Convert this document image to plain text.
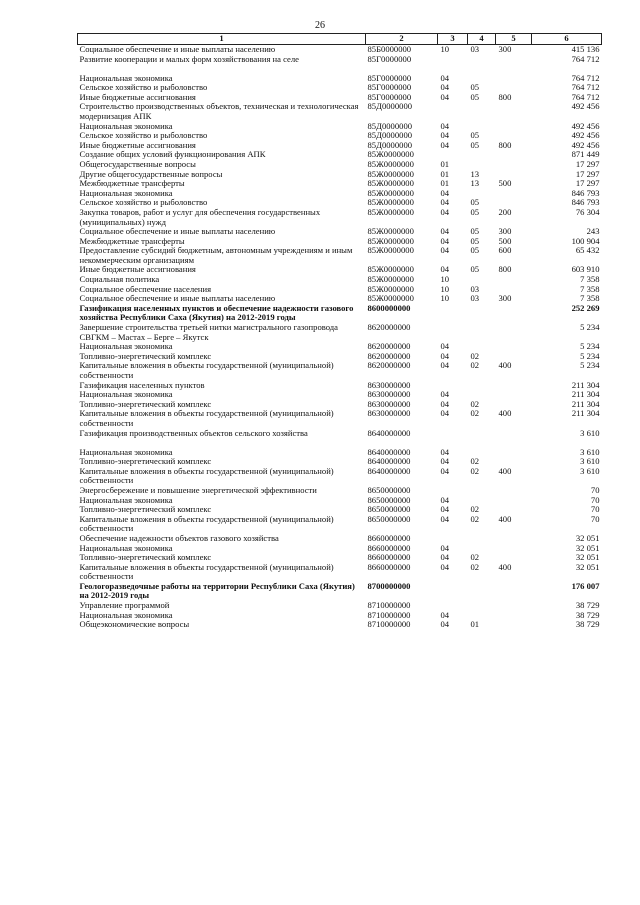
26
1	2	3	4	5	6
Социальное обеспечение и иные выплаты населению	85Б0000000	10	03	300	415 136
Развитие кооперации и малых форм хозяйствования на селе	85Г0000000				764 712
Национальная экономика	85Г0000000	04			764 712
Сельское хозяйство и рыболовство	85Г0000000	04	05		764 712
Иные бюджетные ассигнования	85Г0000000	04	05	800	764 712
Строительство производственных объектов, техническая и технологическая модернизация АПК	85Д0000000				492 456
Национальная экономика	85Д0000000	04			492 456
Сельское хозяйство и рыболовство	85Д0000000	04	05		492 456
Иные бюджетные ассигнования	85Д0000000	04	05	800	492 456
Создание общих условий функционирования АПК	85Ж0000000				871 449
Общегосударственные вопросы	85Ж0000000	01			17 297
Другие общегосударственные вопросы	85Ж0000000	01	13		17 297
Межбюджетные трансферты	85Ж0000000	01	13	500	17 297
Национальная экономика	85Ж0000000	04			846 793
Сельское хозяйство и рыболовство	85Ж0000000	04	05		846 793
Закупка товаров, работ и услуг для обеспечения государственных (муниципальных) нужд	85Ж0000000	04	05	200	76 304
Социальное обеспечение и иные выплаты населению	85Ж0000000	04	05	300	243
Межбюджетные трансферты	85Ж0000000	04	05	500	100 904
Предоставление субсидий бюджетным, автономным учреждениям и иным некоммерческим организациям	85Ж0000000	04	05	600	65 432
Иные бюджетные ассигнования	85Ж0000000	04	05	800	603 910
Социальная политика	85Ж0000000	10			7 358
Социальное обеспечение населения	85Ж0000000	10	03		7 358
Социальное обеспечение и иные выплаты населению	85Ж0000000	10	03	300	7 358
Газификация населенных пунктов и обеспечение надежности газового хозяйства Республики Саха (Якутия) на 2012-2019 годы	8600000000				252 269
Завершение строительства третьей нитки магистрального газопровода СВГКМ – Мастах – Берге – Якутск	8620000000				5 234
Национальная экономика	8620000000	04			5 234
Топливно-энергетический комплекс	8620000000	04	02		5 234
Капитальные вложения в объекты государственной (муниципальной) собственности	8620000000	04	02	400	5 234
Газификация населенных пунктов	8630000000				211 304
Национальная экономика	8630000000	04			211 304
Топливно-энергетический комплекс	8630000000	04	02		211 304
Капитальные вложения в объекты государственной (муниципальной) собственности	8630000000	04	02	400	211 304
Газификация производственных объектов сельского хозяйства	8640000000				3 610
Национальная экономика	8640000000	04			3 610
Топливно-энергетический комплекс	8640000000	04	02		3 610
Капитальные вложения в объекты государственной (муниципальной) собственности	8640000000	04	02	400	3 610
Энергосбережение и повышение энергетической эффективности	8650000000				70
Национальная экономика	8650000000	04			70
Топливно-энергетический комплекс	8650000000	04	02		70
Капитальные вложения в объекты государственной (муниципальной) собственности	8650000000	04	02	400	70
Обеспечение надежности объектов газового хозяйства	8660000000				32 051
Национальная экономика	8660000000	04			32 051
Топливно-энергетический комплекс	8660000000	04	02		32 051
Капитальные вложения в объекты государственной (муниципальной) собственности	8660000000	04	02	400	32 051
Геологоразведочные работы на территории Республики Саха (Якутия) на 2012-2019 годы	8700000000				176 007
Управление программой	8710000000				38 729
Национальная экономика	8710000000	04			38 729
Общеэкономические вопросы	8710000000	04	01		38 729
